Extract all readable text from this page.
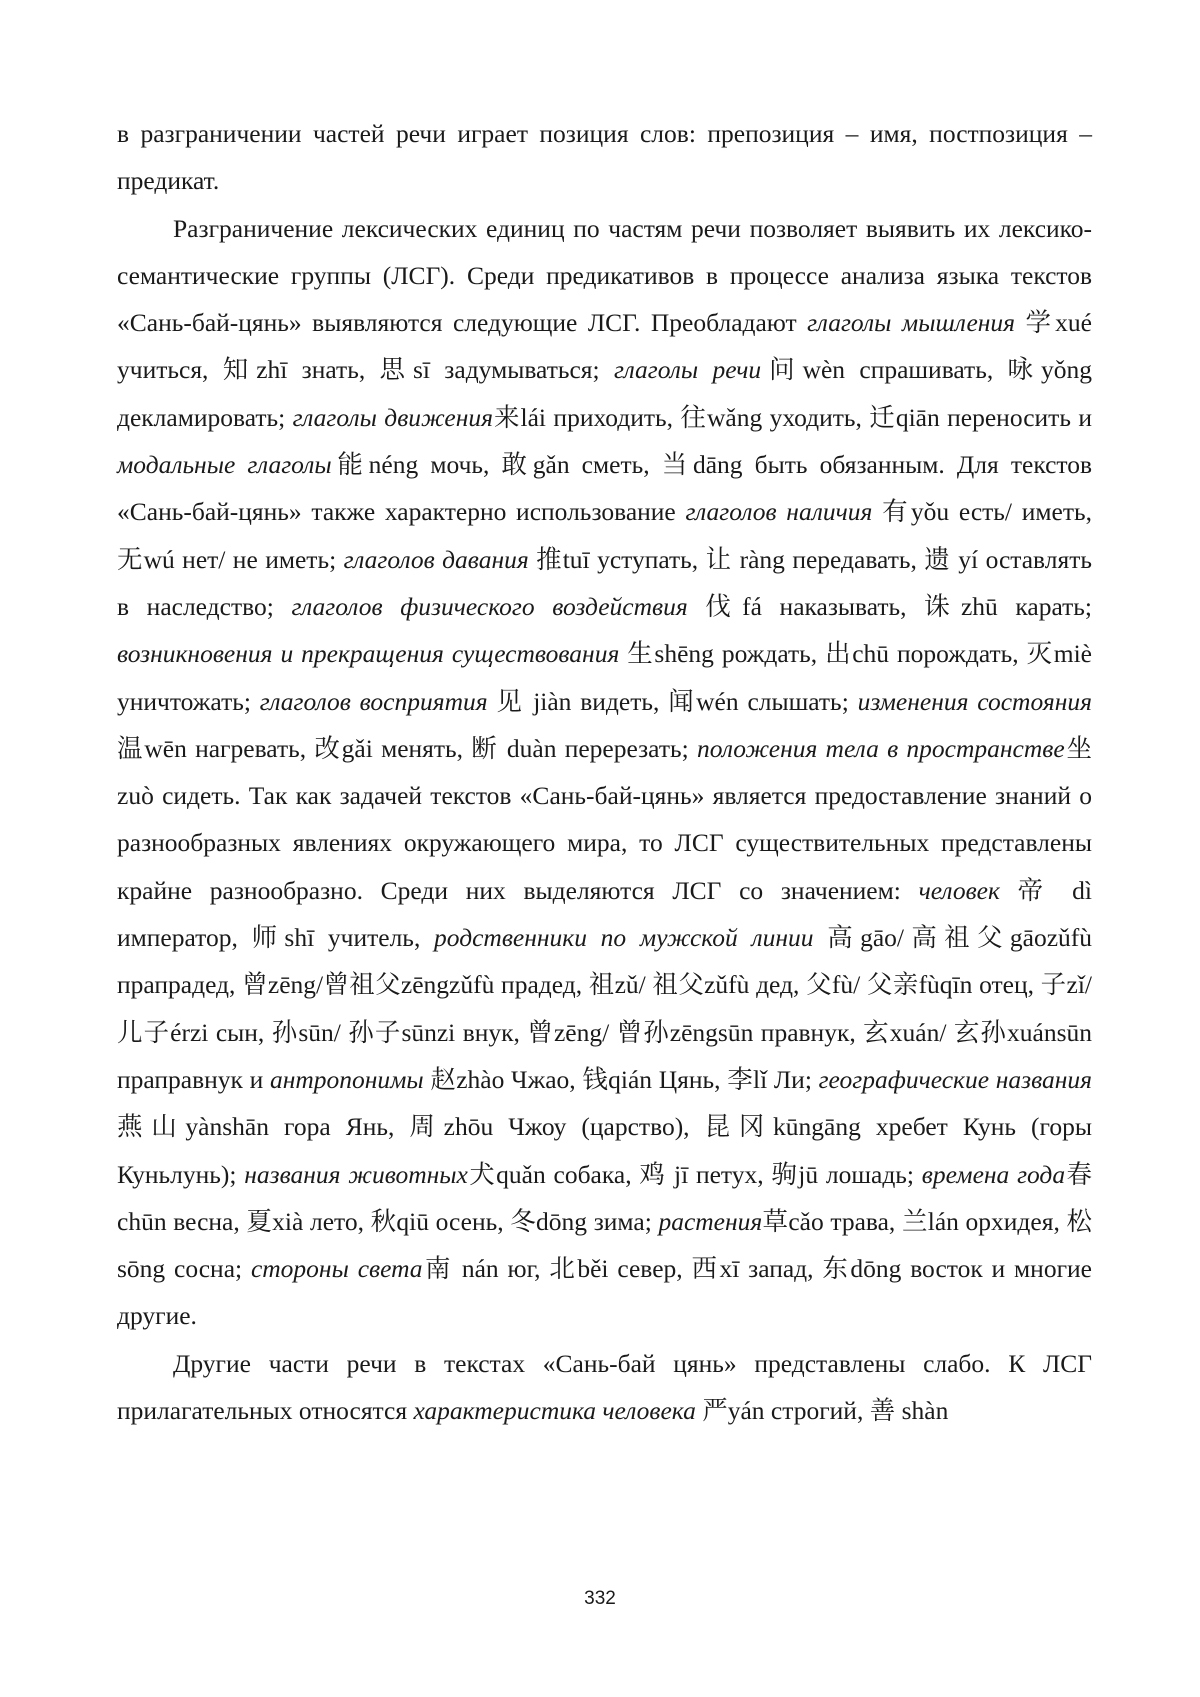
в разграничении частей речи играет позиция слов: препозиция – имя, постпозиция – предикат.

Разграничение лексических единиц по частям речи позволяет выявить их лексико-семантические группы (ЛСГ). Среди предикативов в процессе анализа языка текстов «Сань-бай-цянь» выявляются следующие ЛСГ. Преобладают глаголы мышления 学xué учиться, 知zhī знать, 思sī задумываться; глаголы речи问wèn спрашивать, 咏yǒng декламировать; глаголы движения来lái приходить, 往wǎng уходить, 迁qiān переносить и модальные глаголы能néng мочь, 敢gǎn сметь, 当dāng быть обязанным. Для текстов «Сань-бай-цянь» также характерно использование глаголов наличия 有yǒu есть/ иметь, 无wú нет/ не иметь; глаголов давания 推tuī уступать, 让 ràng передавать, 遗 yí оставлять в наследство; глаголов физического воздействия 伐fá наказывать, 诛zhū карать; возникновения и прекращения существования 生shēng рождать, 出chū порождать, 灭miè уничтожать; глаголов восприятия 见 jiàn видеть, 闻wén слышать; изменения состояния 温wēn нагревать, 改gǎi менять, 断 duàn перерезать; положения тела в пространстве坐zuò сидеть. Так как задачей текстов «Сань-бай-цянь» является предоставление знаний о разнообразных явлениях окружающего мира, то ЛСГ существительных представлены крайне разнообразно. Среди них выделяются ЛСГ со значением: человек 帝 dì император, 师shī учитель, родственники по мужской линии 高gāo/高祖父gāozǔfù прапрадед, 曾zēng/曾祖父zēngzǔfù прадед, 祖zǔ/ 祖父zǔfù дед, 父fù/ 父亲fùqīn отец, 子zǐ/ 儿子érzi сын, 孙sūn/ 孙子sūnzi внук, 曾zēng/ 曾孙zēngsūn правнук, 玄xuán/ 玄孙xuánsūn праправнук и антропонимы 赵zhào Чжао, 钱qián Цянь, 李lǐ Ли; географические названия燕山yànshān гора Янь, 周zhōu Чжоу (царство), 昆冈kūngāng хребет Кунь (горы Куньлунь); названия животных犬quǎn собака, 鸡 jī петух, 驹jū лошадь; времена года春 chūn весна, 夏xià лето, 秋qiū осень, 冬dōng зима; растения草cǎo трава, 兰lán орхидея, 松sōng сосна; стороны света南 nán юг, 北běi север, 西xī запад, 东dōng восток и многие другие.

Другие части речи в текстах «Сань-бай цянь» представлены слабо. К ЛСГ прилагательных относятся характеристика человека 严yán строгий, 善 shàn

332
